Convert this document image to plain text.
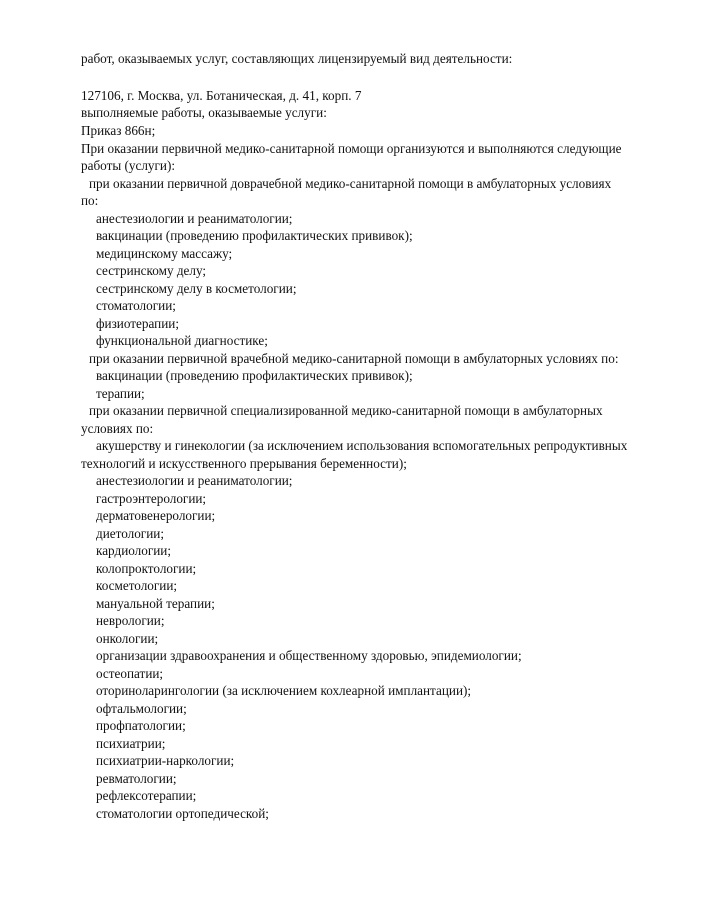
работ, оказываемых услуг, составляющих лицензируемый вид деятельности:
127106, г. Москва, ул. Ботаническая, д. 41, корп. 7
выполняемые работы, оказываемые услуги:
Приказ 866н;
При оказании первичной медико-санитарной помощи организуются и выполняются следующие
работы (услуги):
при оказании первичной доврачебной медико-санитарной помощи в амбулаторных условиях
по:
анестезиологии и реаниматологии;
вакцинации (проведению профилактических прививок);
медицинскому массажу;
сестринскому делу;
сестринскому делу в косметологии;
стоматологии;
физиотерапии;
функциональной диагностике;
при оказании первичной врачебной медико-санитарной помощи в амбулаторных условиях по:
вакцинации (проведению профилактических прививок);
терапии;
при оказании первичной специализированной медико-санитарной помощи в амбулаторных
условиях по:
акушерству и гинекологии (за исключением использования вспомогательных репродуктивных
технологий и искусственного прерывания беременности);
анестезиологии и реаниматологии;
гастроэнтерологии;
дерматовенерологии;
диетологии;
кардиологии;
колопроктологии;
косметологии;
мануальной терапии;
неврологии;
онкологии;
организации здравоохранения и общественному здоровью, эпидемиологии;
остеопатии;
оториноларингологии (за исключением кохлеарной имплантации);
офтальмологии;
профпатологии;
психиатрии;
психиатрии-наркологии;
ревматологии;
рефлексотерапии;
стоматологии ортопедической;
